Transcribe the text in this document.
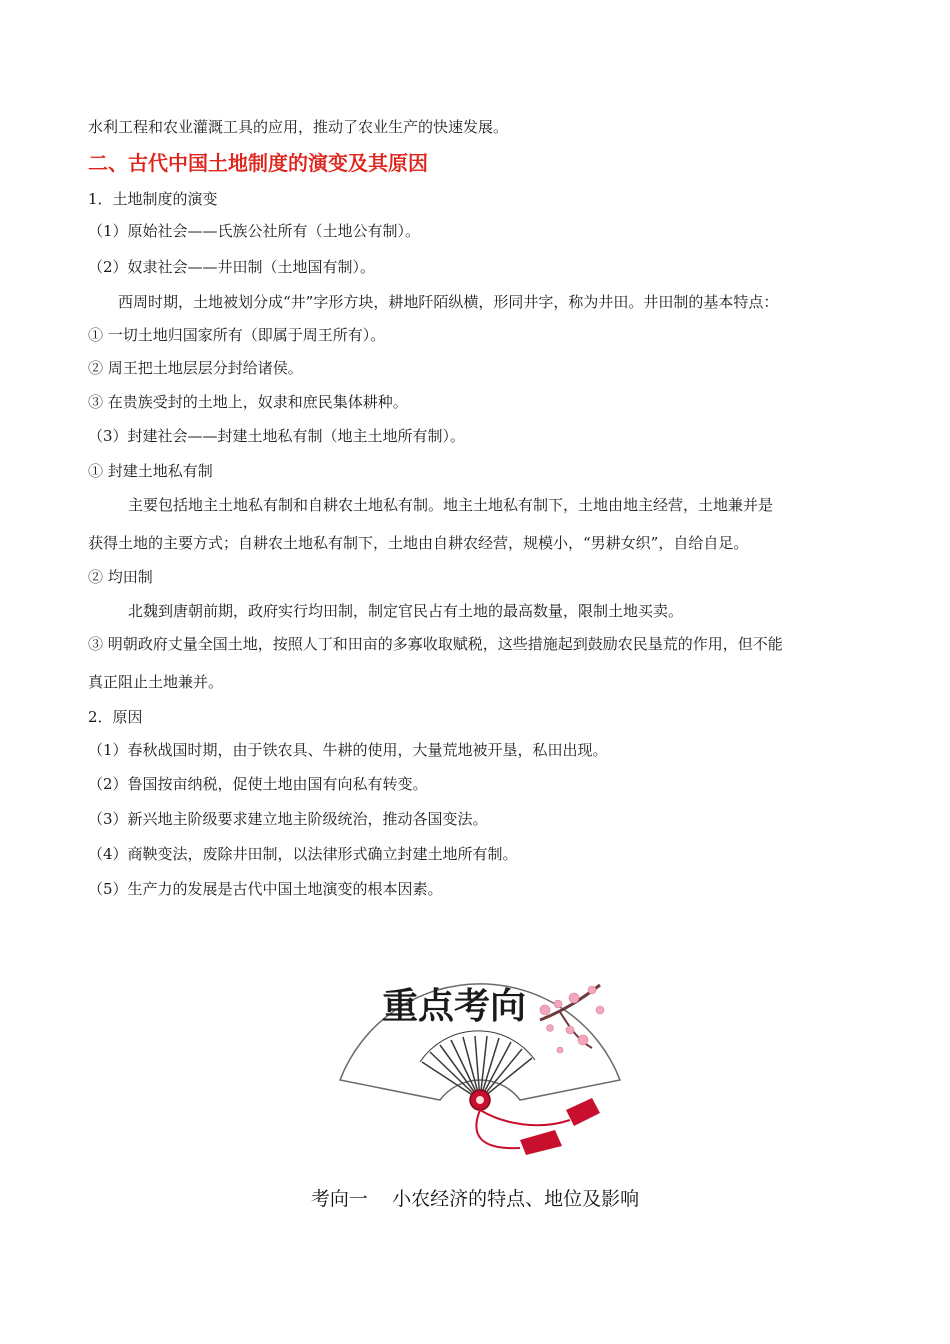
水利工程和农业灌溉工具的应用，推动了农业生产的快速发展。
二、古代中国土地制度的演变及其原因
1．土地制度的演变
（1）原始社会——氏族公社所有（土地公有制）。
（2）奴隶社会——井田制（土地国有制）。
西周时期，土地被划分成“井”字形方块，耕地阡陌纵横，形同井字，称为井田。井田制的基本特点：
① 一切土地归国家所有（即属于周王所有）。
② 周王把土地层层分封给诸侯。
③ 在贵族受封的土地上，奴隶和庶民集体耕种。
（3）封建社会——封建土地私有制（地主土地所有制）。
① 封建土地私有制
主要包括地主土地私有制和自耕农土地私有制。地主土地私有制下，土地由地主经营，土地兼并是
获得土地的主要方式；自耕农土地私有制下，土地由自耕农经营，规模小，“男耕女织”，自给自足。
② 均田制
北魏到唐朝前期，政府实行均田制，制定官民占有土地的最高数量，限制土地买卖。
③ 明朝政府丈量全国土地，按照人丁和田亩的多寡收取赋税，这些措施起到鼓励农民垦荒的作用，但不能
真正阻止土地兼并。
2．原因
（1）春秋战国时期，由于铁农具、牛耕的使用，大量荒地被开垦，私田出现。
（2）鲁国按亩纳税，促使土地由国有向私有转变。
（3）新兴地主阶级要求建立地主阶级统治，推动各国变法。
（4）商鞅变法，废除井田制，以法律形式确立封建土地所有制。
（5）生产力的发展是古代中国土地演变的根本因素。
重点考向
考向一    小农经济的特点、地位及影响
